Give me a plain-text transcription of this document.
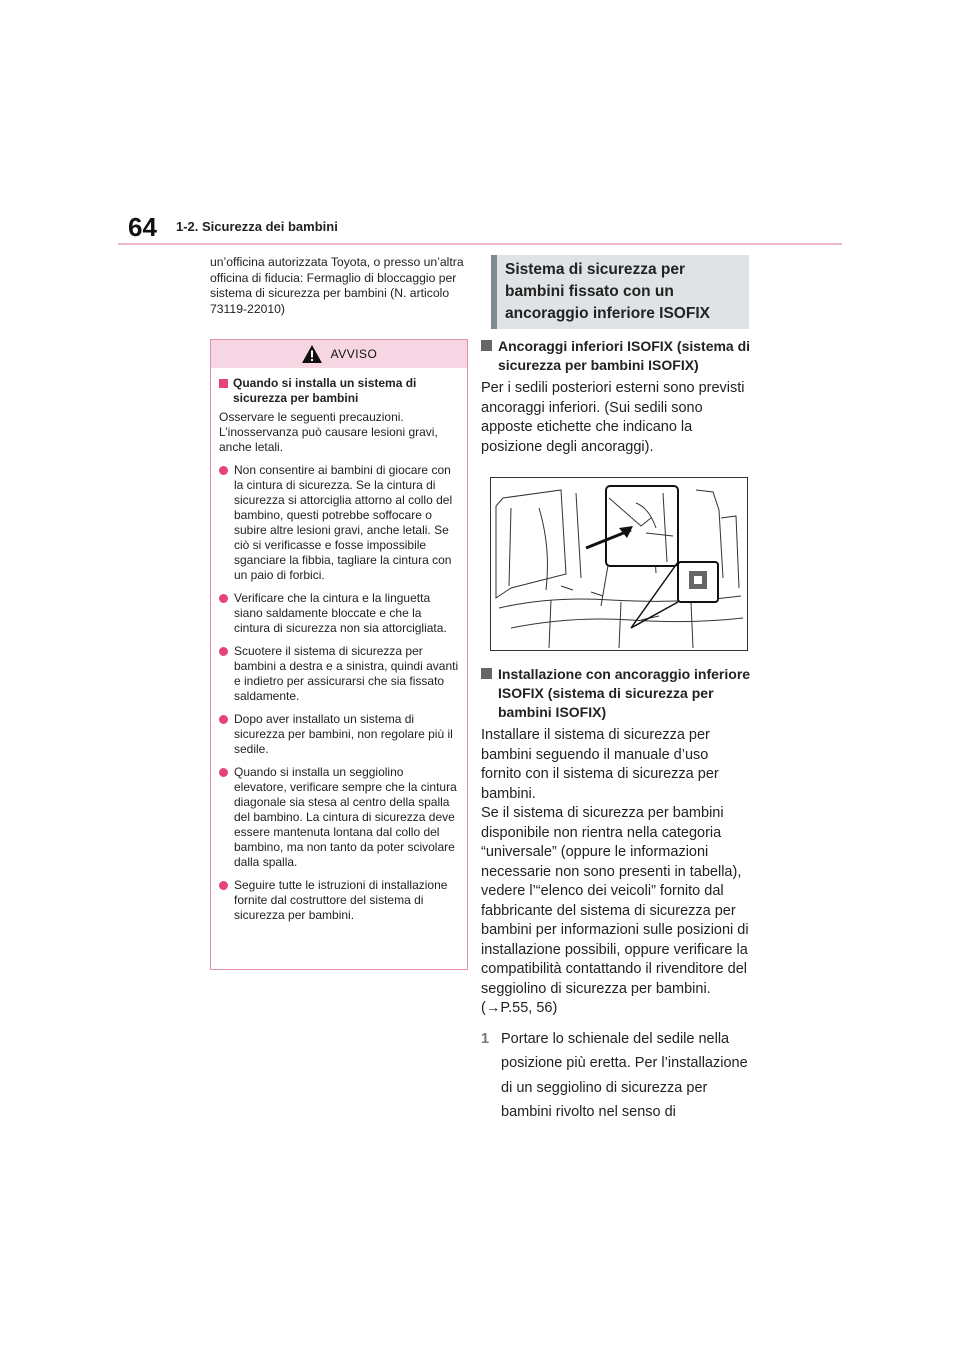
64 1-2. Sicurezza dei bambini

un’officina autorizzata Toyota, o presso un’altra officina di fiducia: Fermaglio di bloccaggio per sistema di sicurezza per bambini (N. articolo 73119-22010)

AVVISO
Quando si installa un sistema di sicurezza per bambini

Osservare le seguenti precauzioni. L’inosservanza può causare lesioni gravi, anche letali.

Non consentire ai bambini di giocare con la cintura di sicurezza. Se la cintura di sicurezza si attorciglia attorno al collo del bambino, questi potrebbe soffocare o subire altre lesioni gravi, anche letali. Se ciò si verificasse e fosse impossibile sganciare la fibbia, tagliare la cintura con un paio di forbici.
Verificare che la cintura e la linguetta siano saldamente bloccate e che la cintura di sicurezza non sia attorcigliata.
Scuotere il sistema di sicurezza per bambini a destra e a sinistra, quindi avanti e indietro per assicurarsi che sia fissato saldamente.
Dopo aver installato un sistema di sicurezza per bambini, non regolare più il sedile.
Quando si installa un seggiolino elevatore, verificare sempre che la cintura diagonale sia stesa al centro della spalla del bambino. La cintura di sicurezza deve essere mantenuta lontana dal collo del bambino, ma non tanto da poter scivolare dalla spalla.
Seguire tutte le istruzioni di installazione fornite dal costruttore del sistema di sicurezza per bambini.
Sistema di sicurezza per bambini fissato con un ancoraggio inferiore ISOFIX
Ancoraggi inferiori ISOFIX (sistema di sicurezza per bambini ISOFIX)

Per i sedili posteriori esterni sono previsti ancoraggi inferiori. (Sui sedili sono apposte etichette che indicano la posizione degli ancoraggi).

Installazione con ancoraggio inferiore ISOFIX (sistema di sicurezza per bambini ISOFIX)

Installare il sistema di sicurezza per bambini seguendo il manuale d’uso fornito con il sistema di sicurezza per bambini.

Se il sistema di sicurezza per bambini disponibile non rientra nella categoria “universale” (oppure le informazioni necessarie non sono presenti in tabella), vedere l’“elenco dei veicoli” fornito dal fabbricante del sistema di sicurezza per bambini per informazioni sulle posizioni di installazione possibili, oppure verificare la compatibilità contattando il rivenditore del seggiolino di sicurezza per bambini. (→P.55, 56)

1 Portare lo schienale del sedile nella posizione più eretta. Per l’installazione di un seggiolino di sicurezza per bambini rivolto nel senso di
